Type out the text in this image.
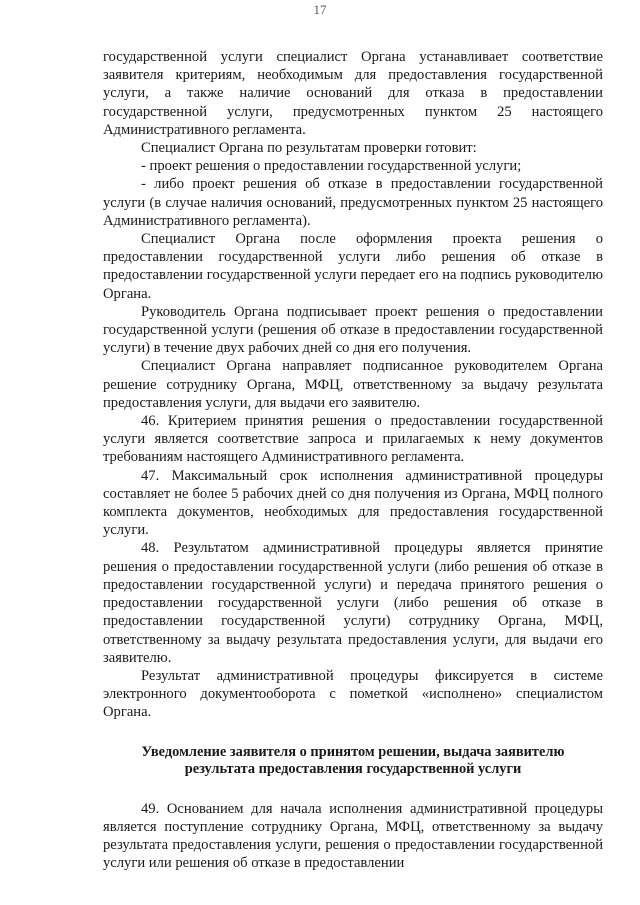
17

государственной услуги специалист Органа устанавливает соответствие заявителя критериям, необходимым для предоставления государственной услуги, а также наличие оснований для отказа в предоставлении государственной услуги, предусмотренных пунктом 25 настоящего Административного регламента.

Специалист Органа по результатам проверки готовит:

- проект решения о предоставлении государственной услуги;

- либо проект решения об отказе в предоставлении государственной услуги (в случае наличия оснований, предусмотренных пунктом 25 настоящего Административного регламента).

Специалист Органа после оформления проекта решения о предоставлении государственной услуги либо решения об отказе в предоставлении государственной услуги передает его на подпись руководителю Органа.

Руководитель Органа подписывает проект решения о предоставлении государственной услуги (решения об отказе в предоставлении государственной услуги) в течение двух рабочих дней со дня его получения.

Специалист Органа направляет подписанное руководителем Органа решение сотруднику Органа, МФЦ, ответственному за выдачу результата предоставления услуги, для выдачи его заявителю.

46. Критерием принятия решения о предоставлении государственной услуги является соответствие запроса и прилагаемых к нему документов требованиям настоящего Административного регламента.

47. Максимальный срок исполнения административной процедуры составляет не более 5 рабочих дней со дня получения из Органа, МФЦ полного комплекта документов, необходимых для предоставления государственной услуги.

48. Результатом административной процедуры является принятие решения о предоставлении государственной услуги (либо решения об отказе в предоставлении государственной услуги) и передача принятого решения о предоставлении государственной услуги (либо решения об отказе в предоставлении государственной услуги) сотруднику Органа, МФЦ, ответственному за выдачу результата предоставления услуги, для выдачи его заявителю.

Результат административной процедуры фиксируется в системе электронного документооборота с пометкой «исполнено» специалистом Органа.

Уведомление заявителя о принятом решении, выдача заявителю результата предоставления государственной услуги

49. Основанием для начала исполнения административной процедуры является поступление сотруднику Органа, МФЦ, ответственному за выдачу результата предоставления услуги, решения о предоставлении государственной услуги или решения об отказе в предоставлении
